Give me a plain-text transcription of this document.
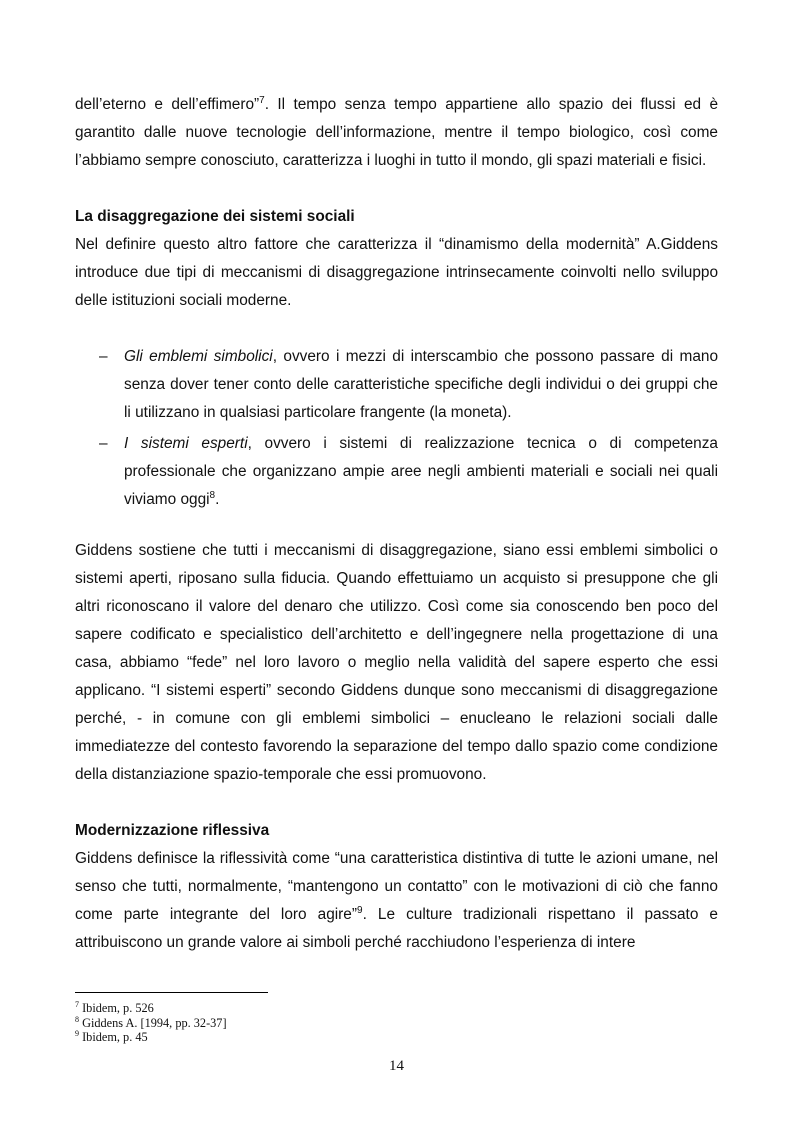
dell’eterno e dell’effimero”$^7$. Il tempo senza tempo appartiene allo spazio dei flussi ed è garantito dalle nuove tecnologie dell’informazione, mentre il tempo biologico, così come l’abbiamo sempre conosciuto, caratterizza i luoghi in tutto il mondo, gli spazi materiali e fisici.

La disaggregazione dei sistemi sociali

Nel definire questo altro fattore che caratterizza il “dinamismo della modernità” A.Giddens introduce due tipi di meccanismi di disaggregazione intrinsecamente coinvolti nello sviluppo delle istituzioni sociali moderne.

– Gli emblemi simbolici, ovvero i mezzi di interscambio che possono passare di mano senza dover tener conto delle caratteristiche specifiche degli individui o dei gruppi che li utilizzano in qualsiasi particolare frangente (la moneta).
– I sistemi esperti, ovvero i sistemi di realizzazione tecnica o di competenza professionale che organizzano ampie aree negli ambienti materiali e sociali nei quali viviamo oggi$^8$.

Giddens sostiene che tutti i meccanismi di disaggregazione, siano essi emblemi simbolici o sistemi aperti, riposano sulla fiducia. Quando effettuiamo un acquisto si presuppone che gli altri riconoscano il valore del denaro che utilizzo. Così come sia conoscendo ben poco del sapere codificato e specialistico dell’architetto e dell’ingegnere nella progettazione di una casa, abbiamo “fede” nel loro lavoro o meglio nella validità del sapere esperto che essi applicano. “I sistemi esperti” secondo Giddens dunque sono meccanismi di disaggregazione perché, - in comune con gli emblemi simbolici – enucleano le relazioni sociali dalle immediatezze del contesto favorendo la separazione del tempo dallo spazio come condizione della distanziazione spazio-temporale che essi promuovono.

Modernizzazione riflessiva

Giddens definisce la riflessività come “una caratteristica distintiva di tutte le azioni umane, nel senso che tutti, normalmente, “mantengono un contatto” con le motivazioni di ciò che fanno come parte integrante del loro agire”$^9$. Le culture tradizionali rispettano il passato e attribuiscono un grande valore ai simboli perché racchiudono l’esperienza di intere

$^7$ Ibidem, p. 526
$^8$ Giddens A. [1994, pp. 32-37]
$^9$ Ibidem, p. 45
14
